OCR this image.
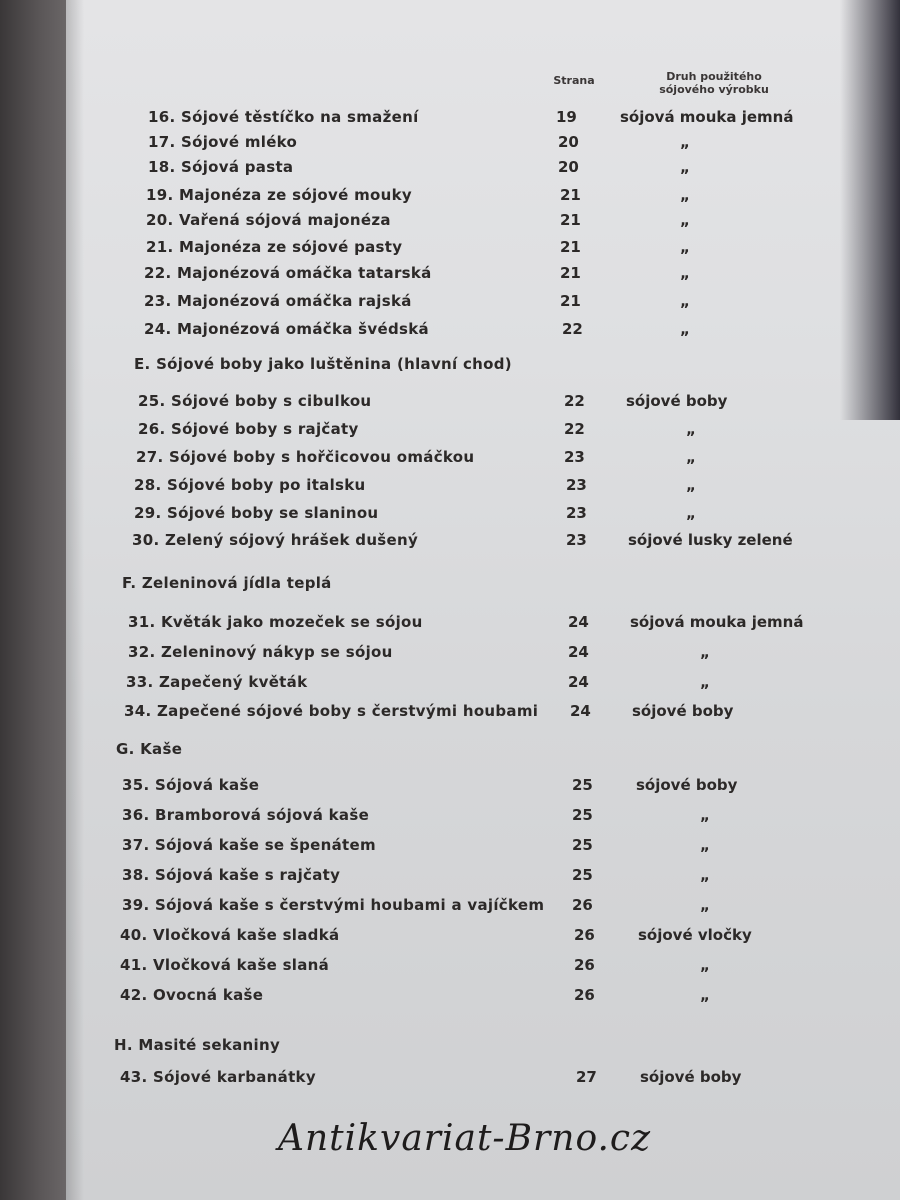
Strana	Druh použitého
sójového výrobku
16. Sójové těstíčko na smažení	19	sójová mouka jemná
17. Sójové mléko	20	„
18. Sójová pasta	20	„
19. Majonéza ze sójové mouky	21	„
20. Vařená sójová majonéza	21	„
21. Majonéza ze sójové pasty	21	„
22. Majonézová omáčka tatarská	21	„
23. Majonézová omáčka rajská	21	„
24. Majonézová omáčka švédská	22	„
E. Sójové boby jako luštěnina (hlavní chod)
25. Sójové boby s cibulkou	22	sójové boby
26. Sójové boby s rajčaty	22	„
27. Sójové boby s hořčicovou omáčkou	23	„
28. Sójové boby po italsku	23	„
29. Sójové boby se slaninou	23	„
30. Zelený sójový hrášek dušený	23	sójové lusky zelené
F. Zeleninová jídla teplá
31. Květák jako mozeček se sójou	24	sójová mouka jemná
32. Zeleninový nákyp se sójou	24	„
33. Zapečený květák	24	„
34. Zapečené sójové boby s čerstvými houbami 24	sójové boby
G. Kaše
35. Sójová kaše	25	sójové boby
36. Bramborová sójová kaše	25	„
37. Sójová kaše se špenátem	25	„
38. Sójová kaše s rajčaty	25	„
39. Sójová kaše s čerstvými houbami a vajíčkem 26	„
40. Vločková kaše sladká	26	sójové vločky
41. Vločková kaše slaná	26	„
42. Ovocná kaše	26	„
H. Masité sekaniny
43. Sójové karbanátky	27	sójové boby
Antikvariat-Brno.cz
